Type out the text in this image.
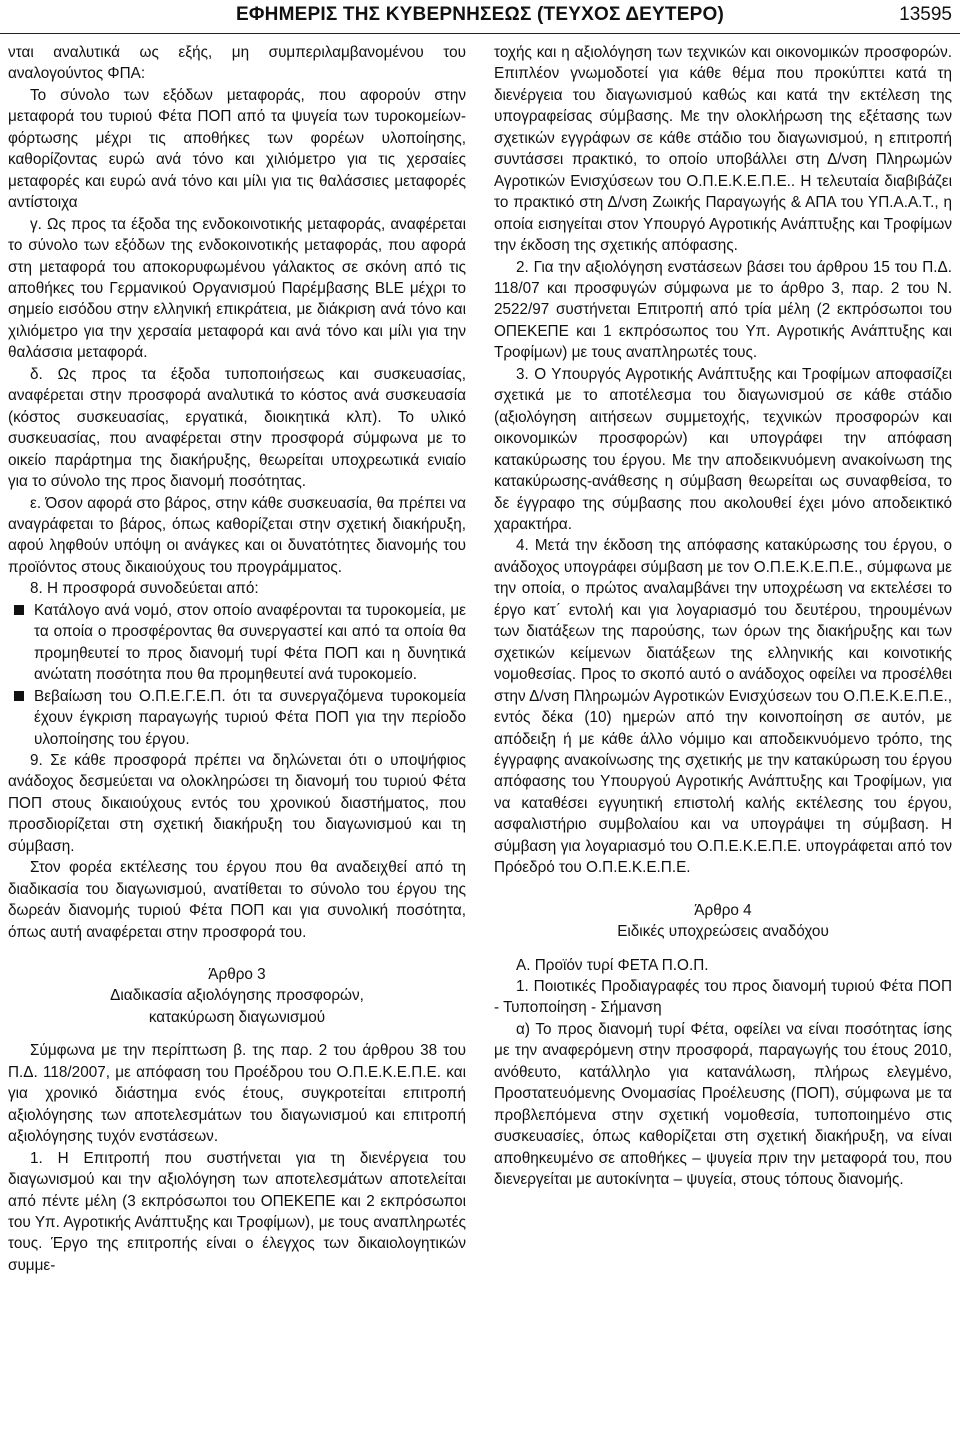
ΕΦΗΜΕΡΙΣ ΤΗΣ ΚΥΒΕΡΝΗΣΕΩΣ (ΤΕΥΧΟΣ ΔΕΥΤΕΡΟ)	13595

νται αναλυτικά ως εξής, μη συμπεριλαμβανομένου του αναλογούντος ΦΠΑ:

Το σύνολο των εξόδων μεταφοράς, που αφορούν στην μεταφορά του τυριού Φέτα ΠΟΠ από τα ψυγεία των τυροκομείων-φόρτωσης μέχρι τις αποθήκες των φορέων υλοποίησης, καθορίζοντας ευρώ ανά τόνο και χιλιόμετρο για τις χερσαίες μεταφορές και ευρώ ανά τόνο και μίλι για τις θαλάσσιες μεταφορές αντίστοιχα

γ. Ως προς τα έξοδα της ενδοκοινοτικής μεταφοράς, αναφέρεται το σύνολο των εξόδων της ενδοκοινοτικής μεταφοράς, που αφορά στη μεταφορά του αποκορυφωμένου γάλακτος σε σκόνη από τις αποθήκες του Γερμανικού Οργανισμού Παρέμβασης BLE μέχρι το σημείο εισόδου στην ελληνική επικράτεια, με διάκριση ανά τόνο και χιλιόμετρο για την χερσαία μεταφορά και ανά τόνο και μίλι για την θαλάσσια μεταφορά.

δ. Ως προς τα έξοδα τυποποιήσεως και συσκευασίας, αναφέρεται στην προσφορά αναλυτικά το κόστος ανά συσκευασία (κόστος συσκευασίας, εργατικά, διοικητικά κλπ). Το υλικό συσκευασίας, που αναφέρεται στην προσφορά σύμφωνα με το οικείο παράρτημα της διακήρυξης, θεωρείται υποχρεωτικά ενιαίο για το σύνολο της προς διανομή ποσότητας.

ε. Όσον αφορά στο βάρος, στην κάθε συσκευασία, θα πρέπει να αναγράφεται το βάρος, όπως καθορίζεται στην σχετική διακήρυξη, αφού ληφθούν υπόψη οι ανάγκες και οι δυνατότητες διανομής του προϊόντος στους δικαιούχους του προγράμματος.

8. Η προσφορά συνοδεύεται από:

Κατάλογο ανά νομό, στον οποίο αναφέρονται τα τυροκομεία, με τα οποία ο προσφέροντας θα συνεργαστεί και από τα οποία θα προμηθευτεί το προς διανομή τυρί Φέτα ΠΟΠ και η δυνητικά ανώτατη ποσότητα που θα προμηθευτεί ανά τυροκομείο.
Βεβαίωση του Ο.Π.Ε.Γ.Ε.Π. ότι τα συνεργαζόμενα τυροκομεία έχουν έγκριση παραγωγής τυριού Φέτα ΠΟΠ για την περίοδο υλοποίησης του έργου.

9. Σε κάθε προσφορά πρέπει να δηλώνεται ότι ο υποψήφιος ανάδοχος δεσμεύεται να ολοκληρώσει τη διανομή του τυριού Φέτα ΠΟΠ στους δικαιούχους εντός του χρονικού διαστήματος, που προσδιορίζεται στη σχετική διακήρυξη του διαγωνισμού και τη σύμβαση.

Στον φορέα εκτέλεσης του έργου που θα αναδειχθεί από τη διαδικασία του διαγωνισμού, ανατίθεται το σύνολο του έργου της δωρεάν διανομής τυριού Φέτα ΠΟΠ και για συνολική ποσότητα, όπως αυτή αναφέρεται στην προσφορά του.

Άρθρο 3

Διαδικασία αξιολόγησης προσφορών,

κατακύρωση διαγωνισμού

Σύμφωνα με την περίπτωση β. της παρ. 2 του άρθρου 38 του Π.Δ. 118/2007, με απόφαση του Προέδρου του Ο.Π.Ε.Κ.Ε.Π.Ε. και για χρονικό διάστημα ενός έτους, συγκροτείται επιτροπή αξιολόγησης των αποτελεσμάτων του διαγωνισμού και επιτροπή αξιολόγησης τυχόν ενστάσεων.

1. Η Επιτροπή που συστήνεται για τη διενέργεια του διαγωνισμού και την αξιολόγηση των αποτελεσμάτων αποτελείται από πέντε μέλη (3 εκπρόσωποι του ΟΠΕΚΕΠΕ και 2 εκπρόσωποι του Υπ. Αγροτικής Ανάπτυξης και Τροφίμων), με τους αναπληρωτές τους. Έργο της επιτροπής είναι ο έλεγχος των δικαιολογητικών συμμε-

τοχής και η αξιολόγηση των τεχνικών και οικονομικών προσφορών. Επιπλέον γνωμοδοτεί για κάθε θέμα που προκύπτει κατά τη διενέργεια του διαγωνισμού καθώς και κατά την εκτέλεση της υπογραφείσας σύμβασης. Με την ολοκλήρωση της εξέτασης των σχετικών εγγράφων σε κάθε στάδιο του διαγωνισμού, η επιτροπή συντάσσει πρακτικό, το οποίο υποβάλλει στη Δ/νση Πληρωμών Αγροτικών Ενισχύσεων του Ο.Π.Ε.Κ.Ε.Π.Ε.. Η τελευταία διαβιβάζει το πρακτικό στη Δ/νση Ζωικής Παραγωγής & ΑΠΑ του ΥΠ.Α.Α.Τ., η οποία εισηγείται στον Υπουργό Αγροτικής Ανάπτυξης και Τροφίμων την έκδοση της σχετικής απόφασης.

2. Για την αξιολόγηση ενστάσεων βάσει του άρθρου 15 του Π.Δ. 118/07 και προσφυγών σύμφωνα με το άρθρο 3, παρ. 2 του Ν. 2522/97 συστήνεται Επιτροπή από τρία μέλη (2 εκπρόσωποι του ΟΠΕΚΕΠΕ και 1 εκπρόσωπος του Υπ. Αγροτικής Ανάπτυξης και Τροφίμων) με τους αναπληρωτές τους.

3. Ο Υπουργός Αγροτικής Ανάπτυξης και Τροφίμων αποφασίζει σχετικά με το αποτέλεσμα του διαγωνισμού σε κάθε στάδιο (αξιολόγηση αιτήσεων συμμετοχής, τεχνικών προσφορών και οικονομικών προσφορών) και υπογράφει την απόφαση κατακύρωσης του έργου. Με την αποδεικνυόμενη ανακοίνωση της κατακύρωσης-ανάθεσης η σύμβαση θεωρείται ως συναφθείσα, το δε έγγραφο της σύμβασης που ακολουθεί έχει μόνο αποδεικτικό χαρακτήρα.

4. Μετά την έκδοση της απόφασης κατακύρωσης του έργου, ο ανάδοχος υπογράφει σύμβαση με τον Ο.Π.Ε.Κ.Ε.Π.Ε., σύμφωνα με την οποία, ο πρώτος αναλαμβάνει την υποχρέωση να εκτελέσει το έργο κατ΄ εντολή και για λογαριασμό του δευτέρου, τηρουμένων των διατάξεων της παρούσης, των όρων της διακήρυξης και των σχετικών κείμενων διατάξεων της ελληνικής και κοινοτικής νομοθεσίας. Προς το σκοπό αυτό ο ανάδοχος οφείλει να προσέλθει στην Δ/νση Πληρωμών Αγροτικών Ενισχύσεων του Ο.Π.Ε.Κ.Ε.Π.Ε., εντός δέκα (10) ημερών από την κοινοποίηση σε αυτόν, με απόδειξη ή με κάθε άλλο νόμιμο και αποδεικνυόμενο τρόπο, της έγγραφης ανακοίνωσης της σχετικής με την κατακύρωση του έργου απόφασης του Υπουργού Αγροτικής Ανάπτυξης και Τροφίμων, για να καταθέσει εγγυητική επιστολή καλής εκτέλεσης του έργου, ασφαλιστήριο συμβολαίου και να υπογράψει τη σύμβαση. Η σύμβαση για λογαριασμό του Ο.Π.Ε.Κ.Ε.Π.Ε. υπογράφεται από τον Πρόεδρό του Ο.Π.Ε.Κ.Ε.Π.Ε.

Άρθρο 4

Ειδικές υποχρεώσεις αναδόχου

Α. Προϊόν τυρί ΦΕΤΑ Π.Ο.Π.

1. Ποιοτικές Προδιαγραφές του προς διανομή τυριού Φέτα ΠΟΠ - Τυποποίηση - Σήμανση

α) Το προς διανομή τυρί Φέτα, οφείλει να είναι ποσότητας ίσης με την αναφερόμενη στην προσφορά, παραγωγής του έτους 2010, ανόθευτο, κατάλληλο για κατανάλωση, πλήρως ελεγμένο, Προστατευόμενης Ονομασίας Προέλευσης (ΠΟΠ), σύμφωνα με τα προβλεπόμενα στην σχετική νομοθεσία, τυποποιημένο στις συσκευασίες, όπως καθορίζεται στη σχετική διακήρυξη, να είναι αποθηκευμένο σε αποθήκες – ψυγεία πριν την μεταφορά του, που διενεργείται με αυτοκίνητα – ψυγεία, στους τόπους διανομής.
